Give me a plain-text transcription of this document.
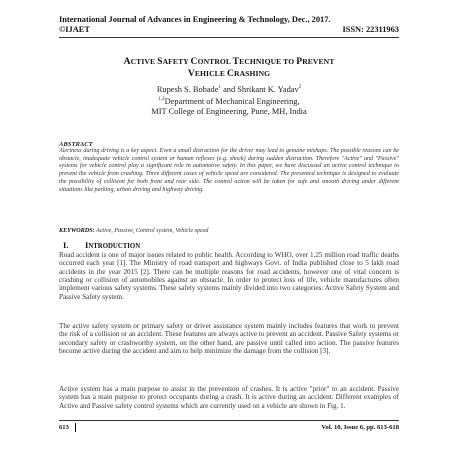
International Journal of Advances in Engineering & Technology, Dec., 2017.
©IJAET	ISSN: 22311963
ACTIVE SAFETY CONTROL TECHNIQUE TO PREVENT
VEHICLE CRASHING
Rupesh S. Bobade$^1$ and Shrikant K. Yadav$^2$
$^{1,2}$Department of Mechanical Engineering,
MIT College of Engineering, Pune, MH, India
ABSTRACT
Alertness during driving is a key aspect. Even a small distraction for the driver may lead to genuine mishaps. The possible reasons can be obstacle, inadequate vehicle control system or human reflexes (e.g. shock) during sudden distraction. Therefore "Active" and "Passive" systems for vehicle control play a significant role in automotive safety. In this paper, we have discussed an active control technique to prevent the vehicle from crashing. Three different cases of vehicle speed are considered. The presented technique is designed to evaluate the possibility of collision for both front and rear side. The control action will be taken for safe and smooth driving under different situations like parking, urban driving and highway driving.
KEYWORDS: Active, Passive, Control system, Vehicle speed
I. INTRODUCTION
Road accident is one of major issues related to public health. According to WHO, over 1.25 million road traffic deaths occurred each year [1]. The Ministry of road transport and highways Govt. of India published close to 5 lakh road accidents in the year 2015 [2]. There can be multiple reasons for road accidents, however one of vital concern is crashing or collision of automobiles against an obstacle. In order to protect loss of life, vehicle manufactures often implement various safety systems. These safety systems mainly divided into two categories: Active Safety System and Passive Safety system.
The active safety system or primary safety or driver assistance system mainly includes features that work to prevent the risk of a collision or an accident. These features are always active to prevent an accident. Passive Safety systems or secondary safety or crashworthy system, on the other hand, are passive until called into action. The passive features become active during the accident and aim to help minimize the damage from the collision [3].
Active system has a main purpose to assist in the prevention of crashes. It is active "prior" to an accident. Passive system has a main purpose to protect occupants during a crash. It is active during an accident. Different examples of Active and Passive safety control systems which are currently used on a vehicle are shown in Fig. 1.
613	Vol. 10, Issue 6, pp. 613-618
